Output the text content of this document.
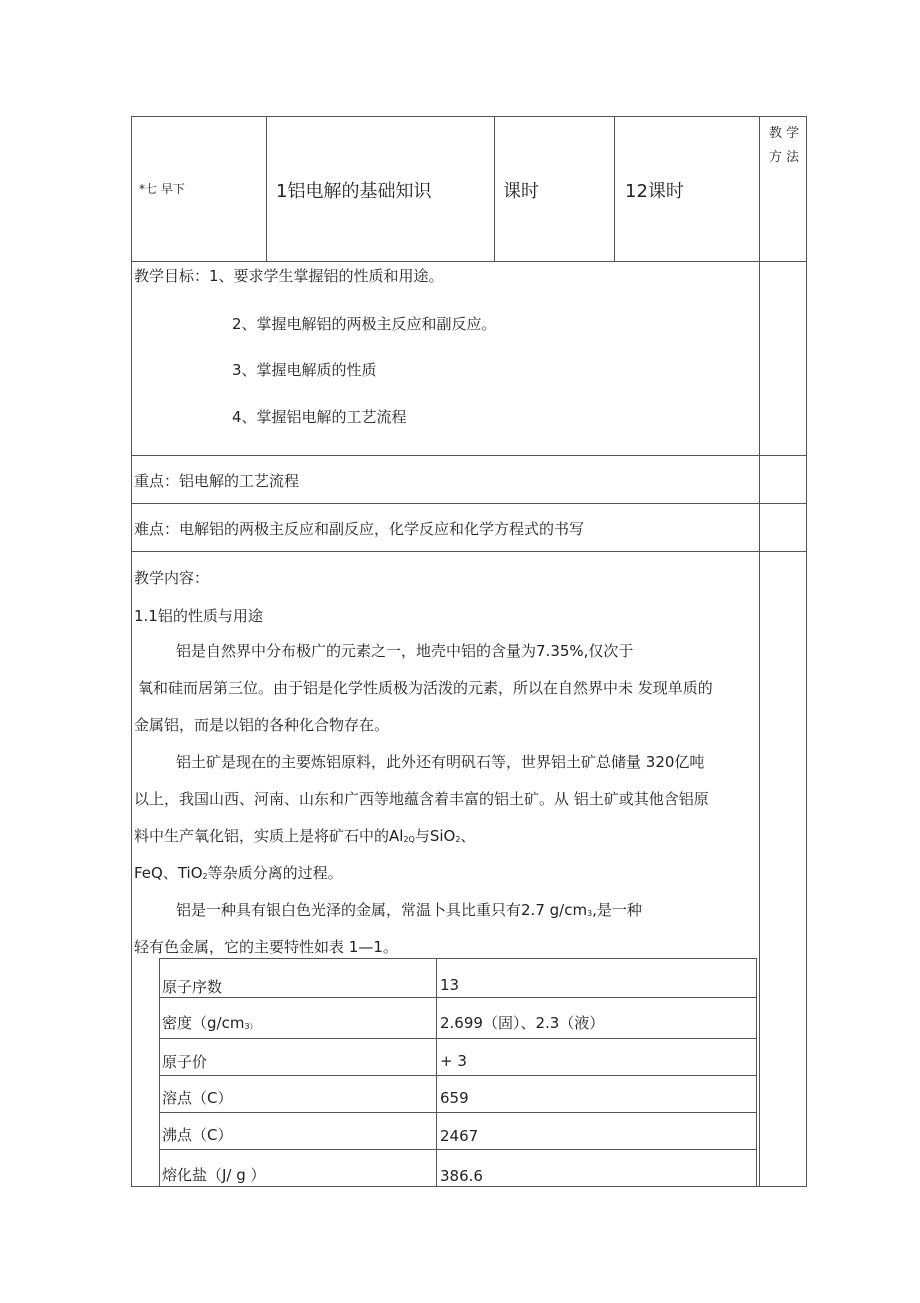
*七 早下	1铝电解的基础知识	课时	12课时
教 学
方 法
教学目标：1、要求学生掌握铝的性质和用途。
2、掌握电解铝的两极主反应和副反应。
3、掌握电解质的性质
4、掌握铝电解的工艺流程
重点：铝电解的工艺流程
难点：电解铝的两极主反应和副反应，化学反应和化学方程式的书写
教学内容：
1.1铝的性质与用途
铝是自然界中分布极广的元素之一，地壳中铝的含量为7.35%,仅次于
氧和硅而居第三位。由于铝是化学性质极为活泼的元素，所以在自然界中未 发现单质的
金属铝，而是以铝的各种化合物存在。
铝土矿是现在的主要炼铝原料，此外还有明矾石等，世界铝土矿总储量 320亿吨
以上，我国山西、河南、山东和广西等地蕴含着丰富的铝土矿。从 铝土矿或其他含铝原
料中生产氧化铝，实质上是将矿石中的$Al_{2Q}$与SiO$_2$、
FeQ、TiO$_2$等杂质分离的过程。
铝是一种具有银白色光泽的金属，常温卜具比重只有2.7 $g/cm_3$,是一种
轻有色金属，它的主要特性如表 1—1。
原子序数	13
密度（$g/cm_{3)}$	2.699（固）、2.3（液）
原子价	+ 3
溶点（C）	659
沸点（C）	2467
熔化盐（J/ g ）	386.6
